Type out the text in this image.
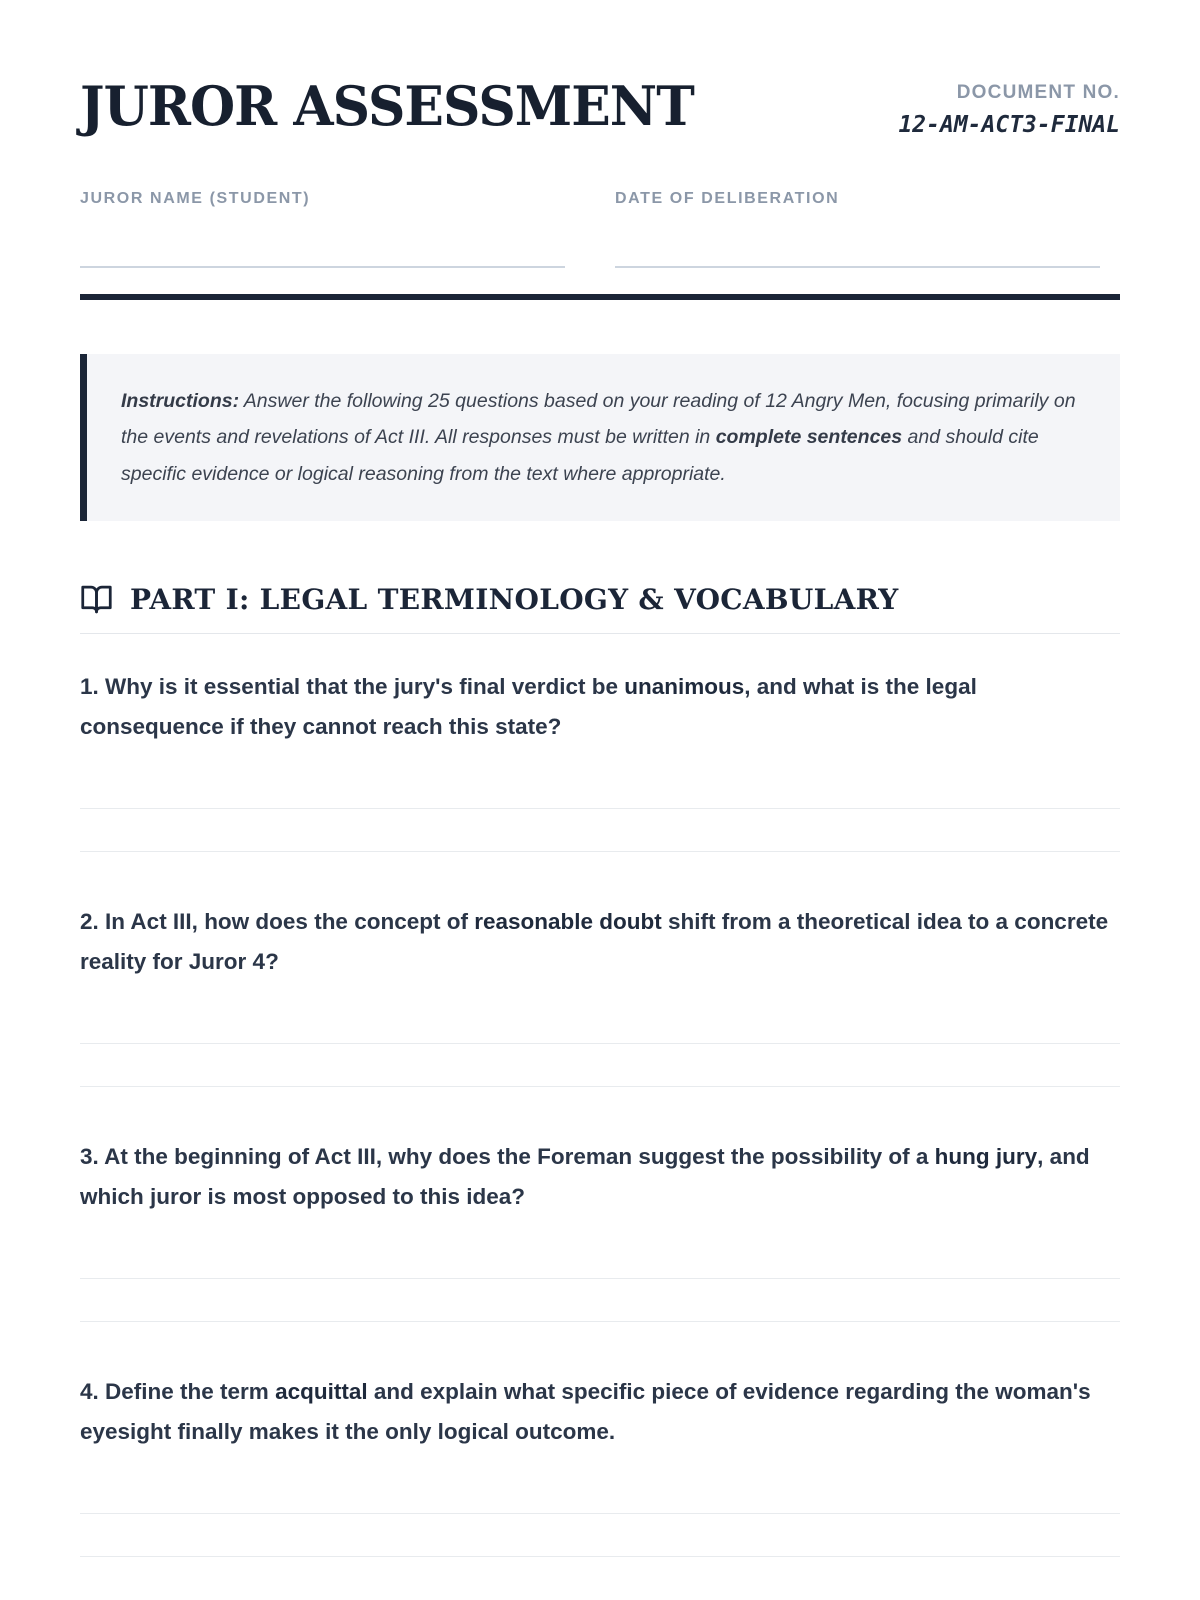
JUROR ASSESSMENT	DOCUMENT NO.
12-AM-ACT3-FINAL
JUROR NAME (STUDENT)	DATE OF DELIBERATION
Instructions: Answer the following 25 questions based on your reading of 12 Angry Men, focusing primarily on the events and revelations of Act III. All responses must be written in complete sentences and should cite specific evidence or logical reasoning from the text where appropriate.
PART I: LEGAL TERMINOLOGY & VOCABULARY

1. Why is it essential that the jury's final verdict be unanimous, and what is the legal consequence if they cannot reach this state?

2. In Act III, how does the concept of reasonable doubt shift from a theoretical idea to a concrete reality for Juror 4?

3. At the beginning of Act III, why does the Foreman suggest the possibility of a hung jury, and which juror is most opposed to this idea?

4. Define the term acquittal and explain what specific piece of evidence regarding the woman's eyesight finally makes it the only logical outcome.
